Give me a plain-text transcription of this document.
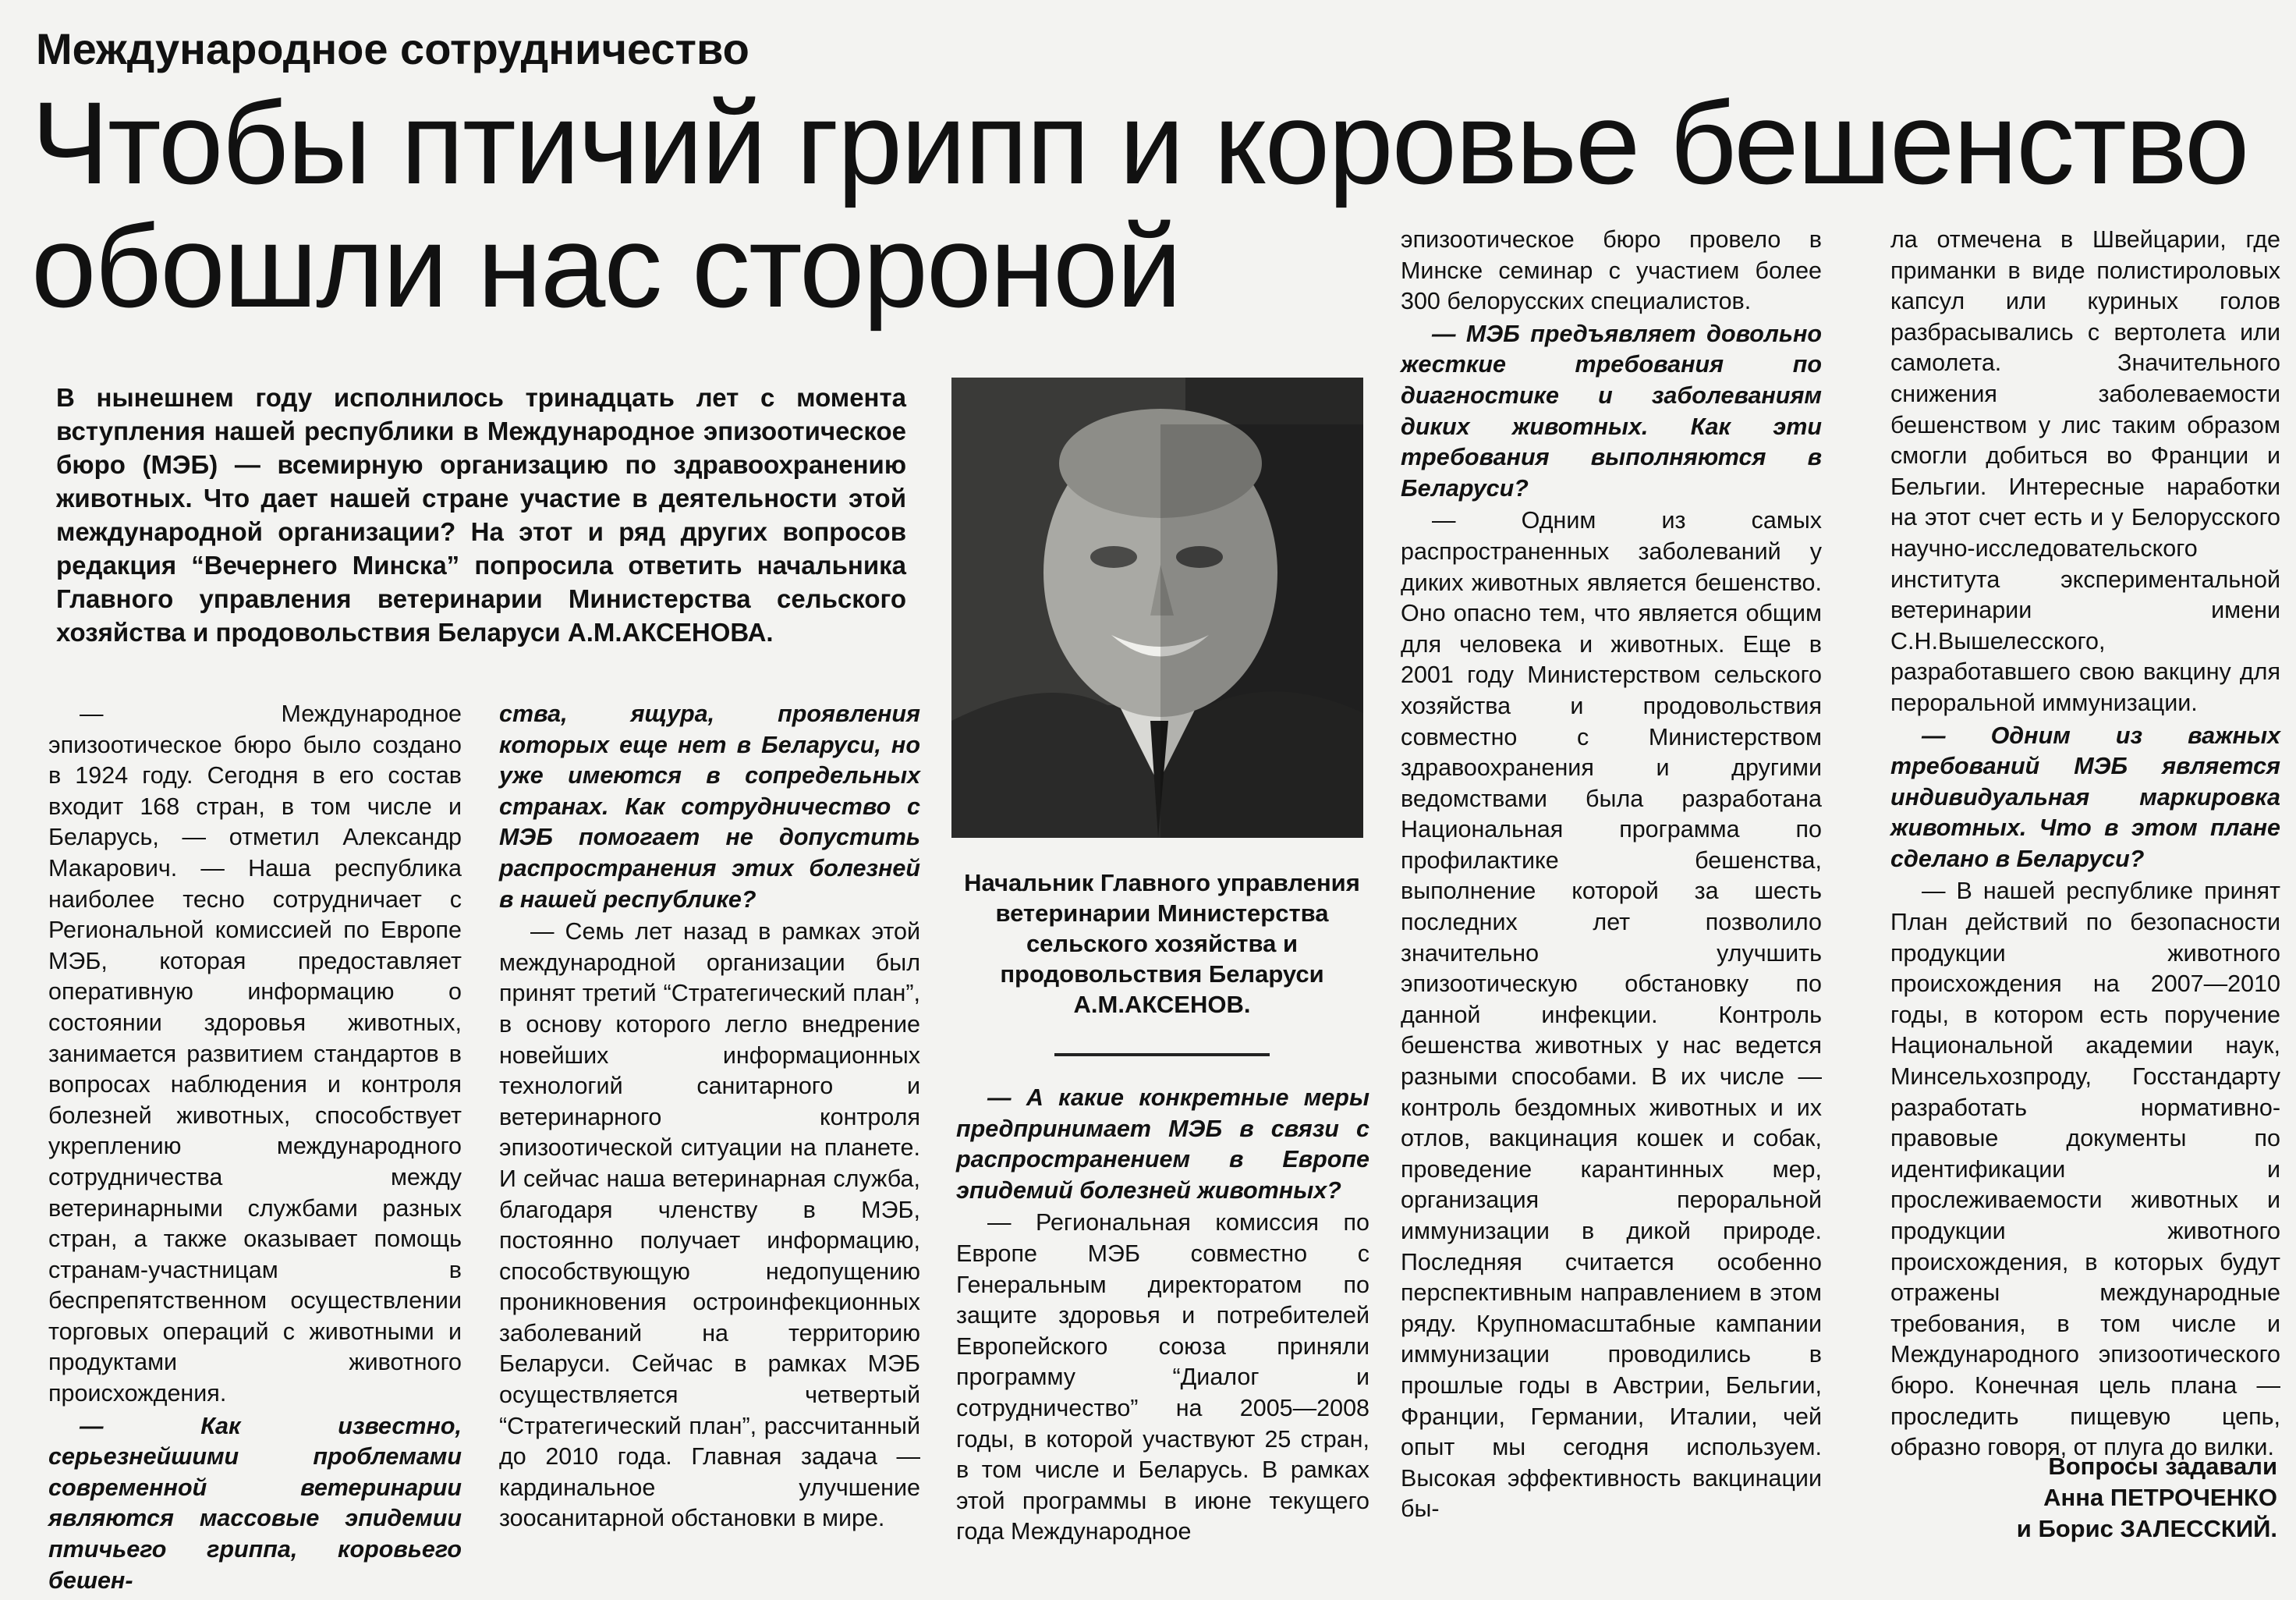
Международное сотрудничество
Чтобы птичий грипп и коровье бешенство обошли нас стороной

В нынешнем году исполнилось тринадцать лет с момента вступления нашей республики в Международное эпизоотическое бюро (МЭБ) — всемирную организацию по здравоохранению животных. Что дает нашей стране участие в деятельности этой международной организации? На этот и ряд других вопросов редакция “Вечернего Минска” попросила ответить начальника Главного управления ветеринарии Министерства сельского хозяйства и продовольствия Беларуси А.М.АКСЕНОВА.

Начальник Главного управления ветеринарии Министерства сельского хозяйства и продовольствия Беларуси А.М.АКСЕНОВ.

— Международное эпизоотическое бюро было создано в 1924 году. Сегодня в его состав входит 168 стран, в том числе и Беларусь, — отметил Александр Макарович. — Наша республика наиболее тесно сотрудничает с Региональной комиссией по Европе МЭБ, которая предоставляет оперативную информацию о состоянии здоровья животных, занимается развитием стандартов в вопросах наблюдения и контроля болезней животных, способствует укреплению международного сотрудничества между ветеринарными службами разных стран, а также оказывает помощь странам-участницам в беспрепятственном осуществлении торговых операций с животными и продуктами животного происхождения.

— Как известно, серьезнейшими проблемами современной ветеринарии являются массовые эпидемии птичьего гриппа, коровьего бешен-

ства, ящура, проявления которых еще нет в Беларуси, но уже имеются в сопредельных странах. Как сотрудничество с МЭБ помогает не допустить распространения этих болезней в нашей республике?

— Семь лет назад в рамках этой международной организации был принят третий “Стратегический план”, в основу которого легло внедрение новейших информационных технологий санитарного и ветеринарного контроля эпизоотической ситуации на планете. И сейчас наша ветеринарная служба, благодаря членству в МЭБ, постоянно получает информацию, способствующую недопущению проникновения остроинфекционных заболеваний на территорию Беларуси. Сейчас в рамках МЭБ осуществляется четвертый “Стратегический план”, рассчитанный до 2010 года. Главная задача — кардинальное улучшение зоосанитарной обстановки в мире.

— А какие конкретные меры предпринимает МЭБ в связи с распространением в Европе эпидемий болезней животных?

— Региональная комиссия по Европе МЭБ совместно с Генеральным директоратом по защите здоровья и потребителей Европейского союза приняли программу “Диалог и сотрудничество” на 2005—2008 годы, в которой участвуют 25 стран, в том числе и Беларусь. В рамках этой программы в июне текущего года Международное

эпизоотическое бюро провело в Минске семинар с участием более 300 белорусских специалистов.

— МЭБ предъявляет довольно жесткие требования по диагностике и заболеваниям диких животных. Как эти требования выполняются в Беларуси?

— Одним из самых распространенных заболеваний у диких животных является бешенство. Оно опасно тем, что является общим для человека и животных. Еще в 2001 году Министерством сельского хозяйства и продовольствия совместно с Министерством здравоохранения и другими ведомствами была разработана Национальная программа по профилактике бешенства, выполнение которой за шесть последних лет позволило значительно улучшить эпизоотическую обстановку по данной инфекции. Контроль бешенства животных у нас ведется разными способами. В их числе — контроль бездомных животных и их отлов, вакцинация кошек и собак, проведение карантинных мер, организация пероральной иммунизации в дикой природе. Последняя считается особенно перспективным направлением в этом ряду. Крупномасштабные кампании иммунизации проводились в прошлые годы в Австрии, Бельгии, Франции, Германии, Италии, чей опыт мы сегодня используем. Высокая эффективность вакцинации бы-

ла отмечена в Швейцарии, где приманки в виде полистироловых капсул или куриных голов разбрасывались с вертолета или самолета. Значительного снижения заболеваемости бешенством у лис таким образом смогли добиться во Франции и Бельгии. Интересные наработки на этот счет есть и у Белорусского научно-исследовательского института экспериментальной ветеринарии имени С.Н.Вышелесского, разработавшего свою вакцину для пероральной иммунизации.

— Одним из важных требований МЭБ является индивидуальная маркировка животных. Что в этом плане сделано в Беларуси?

— В нашей республике принят План действий по безопасности продукции животного происхождения на 2007—2010 годы, в котором есть поручение Национальной академии наук, Минсельхозпроду, Госстандарту разработать нормативно-правовые документы по идентификации и прослеживаемости животных и продукции животного происхождения, в которых будут отражены международные требования, в том числе и Международного эпизоотического бюро. Конечная цель плана — проследить пищевую цепь, образно говоря, от плуга до вилки.

Вопросы задавали
Анна ПЕТРОЧЕНКО
и Борис ЗАЛЕССКИЙ.
